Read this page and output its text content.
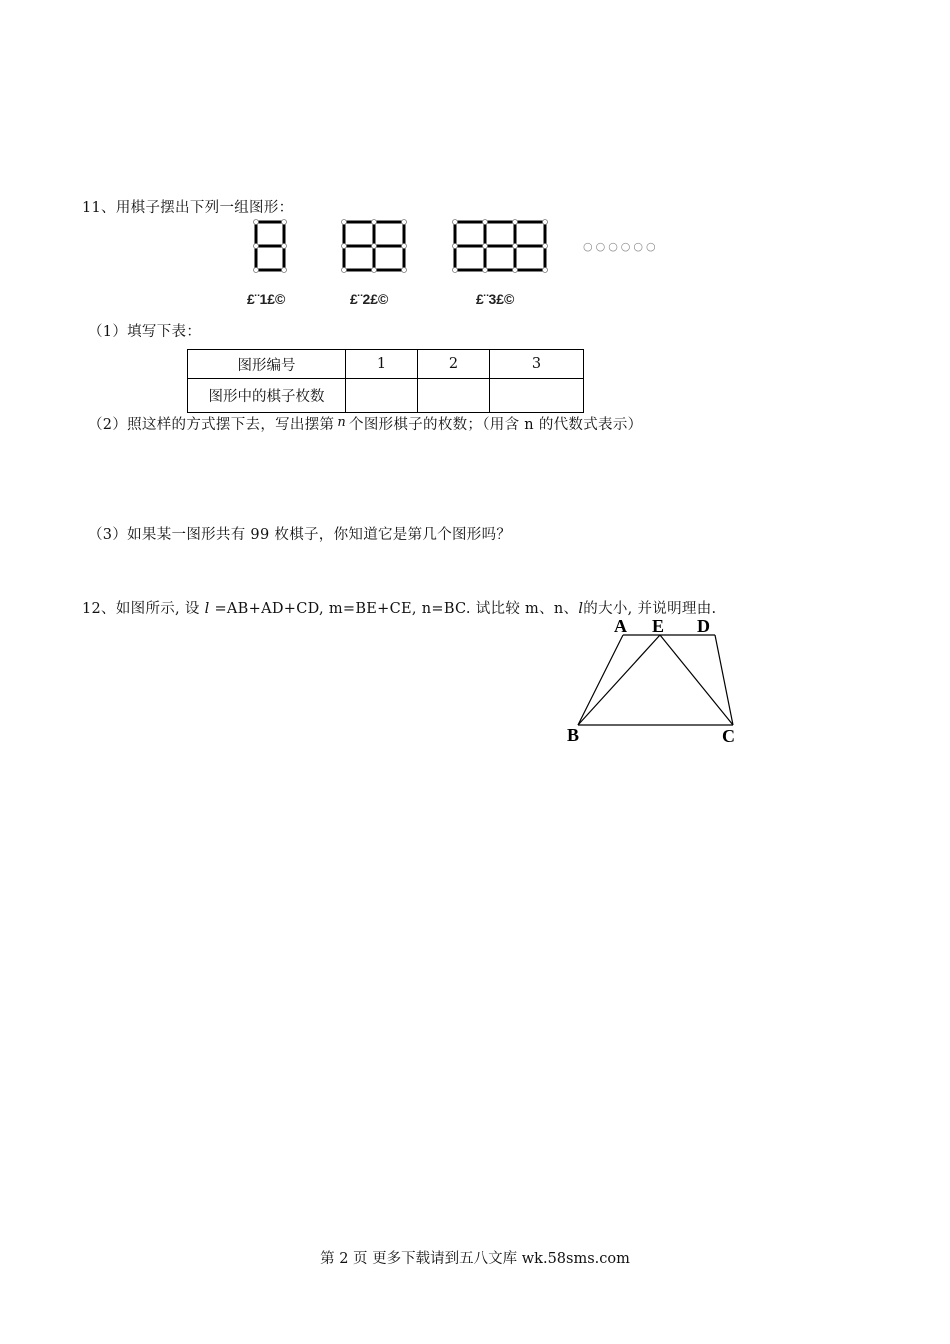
11、用棋子摆出下列一组图形：
○○○○○○
£¨1£©	£¨2£©	£¨3£©
（1）填写下表：
图形编号	1	2	3
图形中的棋子枚数			
（2）照这样的方式摆下去，写出摆第 n 个图形棋子的枚数；（用含 n 的代数式表示）
（3）如果某一图形共有 99 枚棋子，你知道它是第几个图形吗？
12、如图所示, 设 l =AB+AD+CD, m=BE+CE, n=BC. 试比较 m、n、l的大小, 并说明理由.
A E D
B	C
第 2 页 更多下载请到五八文库 wk.58sms.com
